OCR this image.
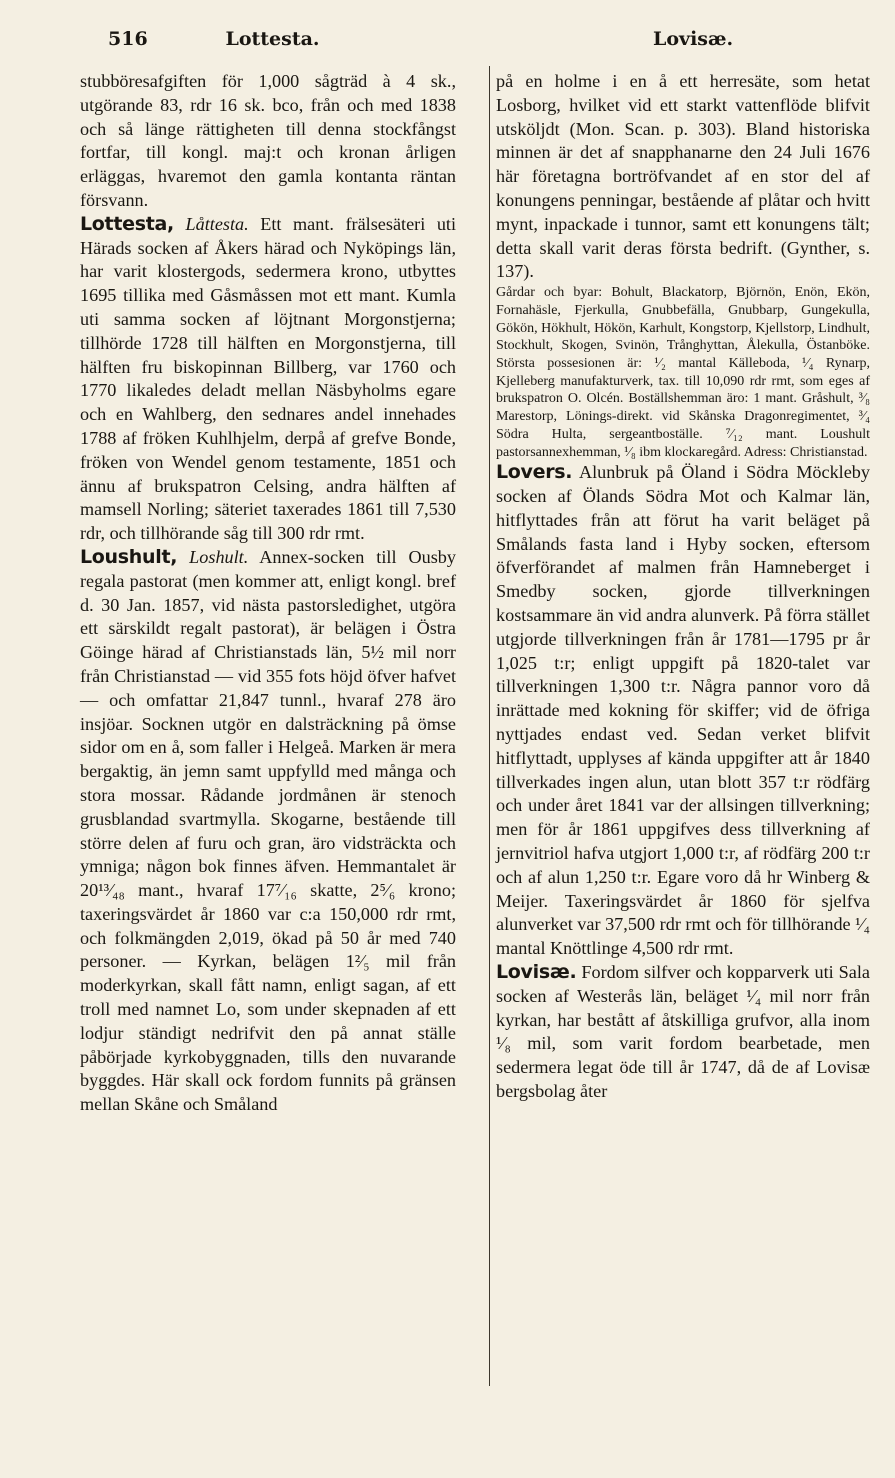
516	Lottesta.	Lovisæ.

stubböresafgiften för 1,000 sågträd à 4 sk., utgörande 83, rdr 16 sk. bco, från och med 1838 och så länge rättigheten till denna stockfångst fortfar, till kongl. maj:t och kronan årligen erläggas, hvaremot den gamla kontanta räntan försvann.

Lottesta, Låttesta. Ett mant. frälsesäteri uti Härads socken af Åkers härad och Nyköpings län, har varit klostergods, sedermera krono, utbyttes 1695 tillika med Gåsmåssen mot ett mant. Kumla uti samma socken af löjtnant Morgonstjerna; tillhörde 1728 till hälften en Morgonstjerna, till hälften fru biskopinnan Billberg, var 1760 och 1770 likaledes deladt mellan Näsbyholms egare och en Wahlberg, den sednares andel innehades 1788 af fröken Kuhlhjelm, derpå af grefve Bonde, fröken von Wendel genom testamente, 1851 och ännu af brukspatron Celsing, andra hälften af mamsell Norling; säteriet taxerades 1861 till 7,530 rdr, och tillhörande såg till 300 rdr rmt.

Loushult, Loshult. Annex-socken till Ousby regala pastorat (men kommer att, enligt kongl. bref d. 30 Jan. 1857, vid nästa pastorsledighet, utgöra ett särskildt regalt pastorat), är belägen i Östra Göinge härad af Christianstads län, 5½ mil norr från Christianstad — vid 355 fots höjd öfver hafvet — och omfattar 21,847 tunnl., hvaraf 278 äro insjöar. Socknen utgör en dalsträckning på ömse sidor om en å, som faller i Helgeå. Marken är mera bergaktig, än jemn samt uppfylld med många och stora mossar. Rådande jordmånen är stenoch grusblandad svartmylla. Skogarne, bestående till större delen af furu och gran, äro vidsträckta och ymniga; någon bok finnes äfven. Hemmantalet är 20¹³⁄₄₈ mant., hvaraf 17⁷⁄₁₆ skatte, 2⁵⁄₆ krono; taxeringsvärdet år 1860 var c:a 150,000 rdr rmt, och folkmängden 2,019, ökad på 50 år med 740 personer. — Kyrkan, belägen 1²⁄₅ mil från moderkyrkan, skall fått namn, enligt sagan, af ett troll med namnet Lo, som under skepnaden af ett lodjur ständigt nedrifvit den på annat ställe påbörjade kyrkobyggnaden, tills den nuvarande byggdes. Här skall ock fordom funnits på gränsen mellan Skåne och Småland

på en holme i en å ett herresäte, som hetat Losborg, hvilket vid ett starkt vattenflöde blifvit utsköljdt (Mon. Scan. p. 303). Bland historiska minnen är det af snapphanarne den 24 Juli 1676 här företagna bortröfvandet af en stor del af konungens penningar, bestående af plåtar och hvitt mynt, inpackade i tunnor, samt ett konungens tält; detta skall varit deras första bedrift. (Gynther, s. 137).

Gårdar och byar: Bohult, Blackatorp, Björnön, Enön, Ekön, Fornahäsle, Fjerkulla, Gnubbefälla, Gnubbarp, Gungekulla, Gökön, Hökhult, Hökön, Karhult, Kongstorp, Kjellstorp, Lindhult, Stockhult, Skogen, Svinön, Trånghyttan, Ålekulla, Östanböke. Största possesionen är: ¹⁄₂ mantal Källeboda, ¹⁄₄ Rynarp, Kjelleberg manufakturverk, tax. till 10,090 rdr rmt, som eges af brukspatron O. Olcén. Boställshemman äro: 1 mant. Gråshult, ³⁄₈ Marestorp, Lönings-direkt. vid Skånska Dragonregimentet, ³⁄₄ Södra Hulta, sergeantboställe. ⁷⁄₁₂ mant. Loushult pastorsannexhemman, ¹⁄₈ ibm klockaregård. Adress: Christianstad.

Lovers. Alunbruk på Öland i Södra Möckleby socken af Ölands Södra Mot och Kalmar län, hitflyttades från att förut ha varit beläget på Smålands fasta land i Hyby socken, eftersom öfverförandet af malmen från Hamneberget i Smedby socken, gjorde tillverkningen kostsammare än vid andra alunverk. På förra stället utgjorde tillverkningen från år 1781—1795 pr år 1,025 t:r; enligt uppgift på 1820-talet var tillverkningen 1,300 t:r. Några pannor voro då inrättade med kokning för skiffer; vid de öfriga nyttjades endast ved. Sedan verket blifvit hitflyttadt, upplyses af kända uppgifter att år 1840 tillverkades ingen alun, utan blott 357 t:r rödfärg och under året 1841 var der allsingen tillverkning; men för år 1861 uppgifves dess tillverkning af jernvitriol hafva utgjort 1,000 t:r, af rödfärg 200 t:r och af alun 1,250 t:r. Egare voro då hr Winberg & Meijer. Taxeringsvärdet år 1860 för sjelfva alunverket var 37,500 rdr rmt och för tillhörande ¹⁄₄ mantal Knöttlinge 4,500 rdr rmt.

Lovisæ. Fordom silfver och kopparverk uti Sala socken af Westerås län, beläget ¹⁄₄ mil norr från kyrkan, har bestått af åtskilliga grufvor, alla inom ¹⁄₈ mil, som varit fordom bearbetade, men sedermera legat öde till år 1747, då de af Lovisæ bergsbolag åter
